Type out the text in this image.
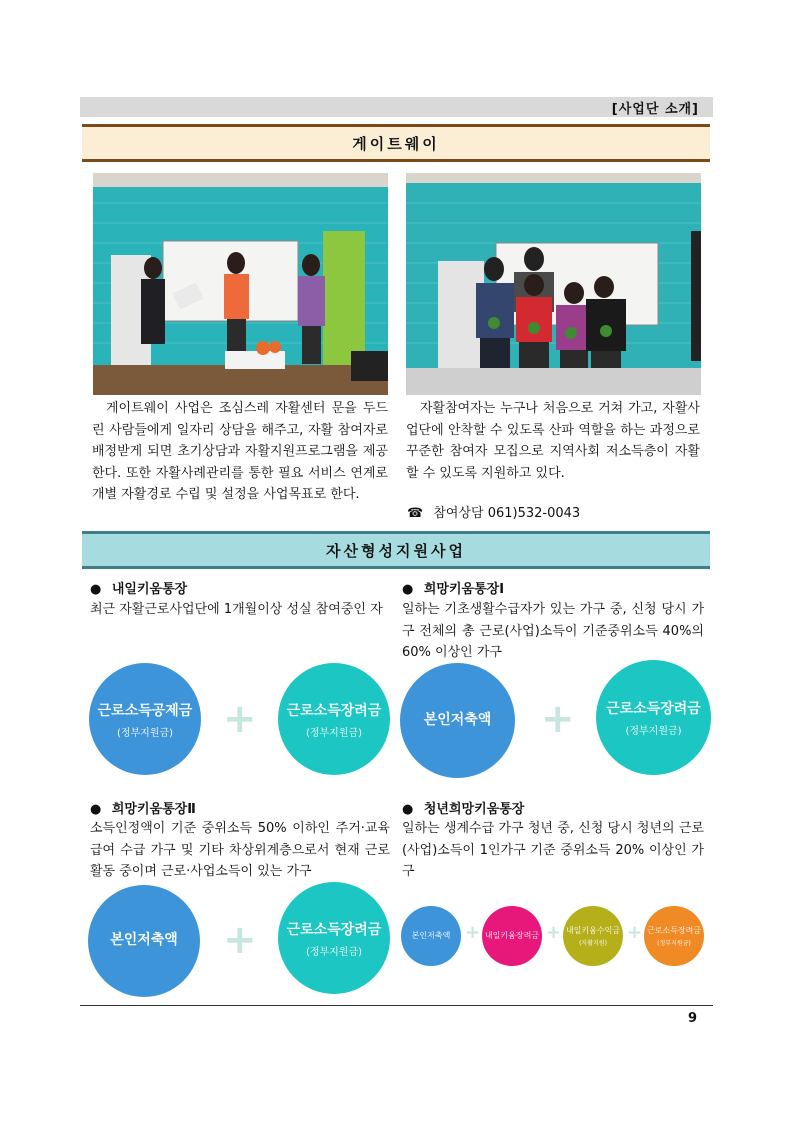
[사업단 소개]
게이트웨이
게이트웨이 사업은 조심스레 자활센터 문을 두드린 사람들에게 일자리 상담을 해주고, 자활 참여자로 배정받게 되면 초기상담과 자활지원프로그램을 제공한다. 또한 자활사례관리를 통한 필요 서비스 연계로 개별 자활경로 수립 및 설정을 사업목표로 한다.
자활참여자는 누구나 처음으로 거쳐 가고, 자활사업단에 안착할 수 있도록 산파 역할을 하는 과정으로 꾸준한 참여자 모집으로 지역사회 저소득층이 자활할 수 있도록 지원하고 있다.
☎ 참여상담 061)532-0043
자산형성지원사업
● 내일키움통장
최근 자활근로사업단에 1개월이상 성실 참여중인 자
근로소득공제금
(정부지원금) + 근로소득장려금
(정부지원금)
● 희망키움통장Ⅰ
일하는 기초생활수급자가 있는 가구 중, 신청 당시 가구 전체의 총 근로(사업)소득이 기준중위소득 40%의 60% 이상인 가구
본인저축액 + 근로소득장려금
(정부지원금)
● 희망키움통장Ⅱ
소득인정액이 기준 중위소득 50% 이하인 주거·교육급여 수급 가구 및 기타 차상위계층으로서 현재 근로활동 중이며 근로·사업소득이 있는 가구
본인저축액 + 근로소득장려금
(정부지원금)
● 청년희망키움통장
일하는 생계수급 가구 청년 중, 신청 당시 청년의 근로(사업)소득이 1인가구 기준 중위소득 20% 이상인 가구
본인저축액 + 내일키움장려금 + 내일키움수익금
(자활지원)
+ 근로소득장려금
(정부지원금)
9
